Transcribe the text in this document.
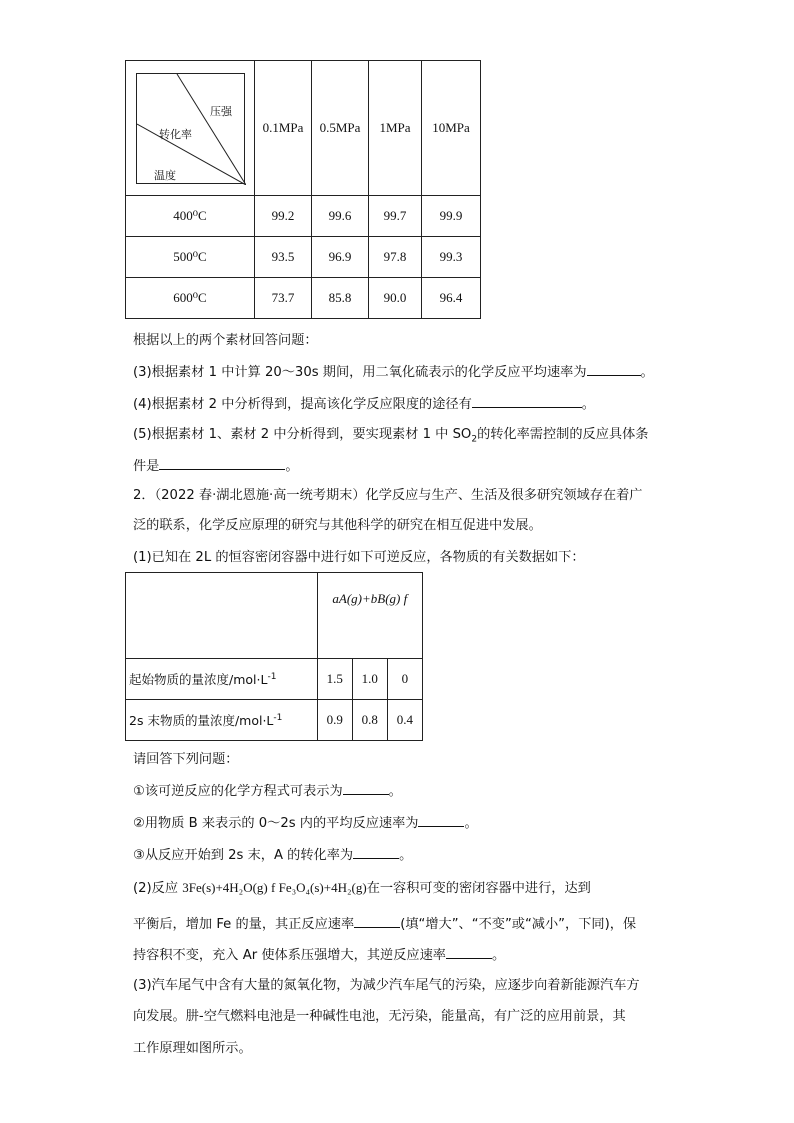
压强
转化率
温度	0.1MPa	0.5MPa	1MPa	10MPa
400⁰C	99.2	99.6	99.7	99.9
500⁰C	93.5	96.9	97.8	99.3
600⁰C	73.7	85.8	90.0	96.4
根据以上的两个素材回答问题：
(3)根据素材 1 中计算 20～30s 期间，用二氧化硫表示的化学反应平均速率为	。
(4)根据素材 2 中分析得到，提高该化学反应限度的途径有	。
(5)根据素材 1、素材 2 中分析得到，要实现素材 1 中 $SO_2$的转化率需控制的反应具体条
件是	。
2．（2022 春·湖北恩施·高一统考期末）化学反应与生产、生活及很多研究领域存在着广
泛的联系，化学反应原理的研究与其他科学的研究在相互促进中发展。
(1)已知在 2L 的恒容密闭容器中进行如下可逆反应，各物质的有关数据如下：
	aA(g)+bB(g) f		
起始物质的量浓度$/mol\cdot L^{-1}$	1.5	1.0	0
2s 末物质的量浓度$/mol\cdot L^{-1}$	0.9	0.8	0.4
请回答下列问题：
①该可逆反应的化学方程式可表示为	。
②用物质 B 来表示的 0～2s 内的平均反应速率为	。
③从反应开始到 2s 末，A 的转化率为	。
(2)反应 3Fe(s)+4H₂O(g) f Fe₃O₄(s)+4H₂(g)在一容积可变的密闭容器中进行，达到
平衡后，增加 Fe 的量，其正反应速率	(填“增大”、“不变”或“减小”，下同)，保
持容积不变，充入 Ar 使体系压强增大，其逆反应速率	。
(3)汽车尾气中含有大量的氮氧化物，为减少汽车尾气的污染，应逐步向着新能源汽车方
向发展。肼-空气燃料电池是一种碱性电池，无污染，能量高，有广泛的应用前景，其
工作原理如图所示。
